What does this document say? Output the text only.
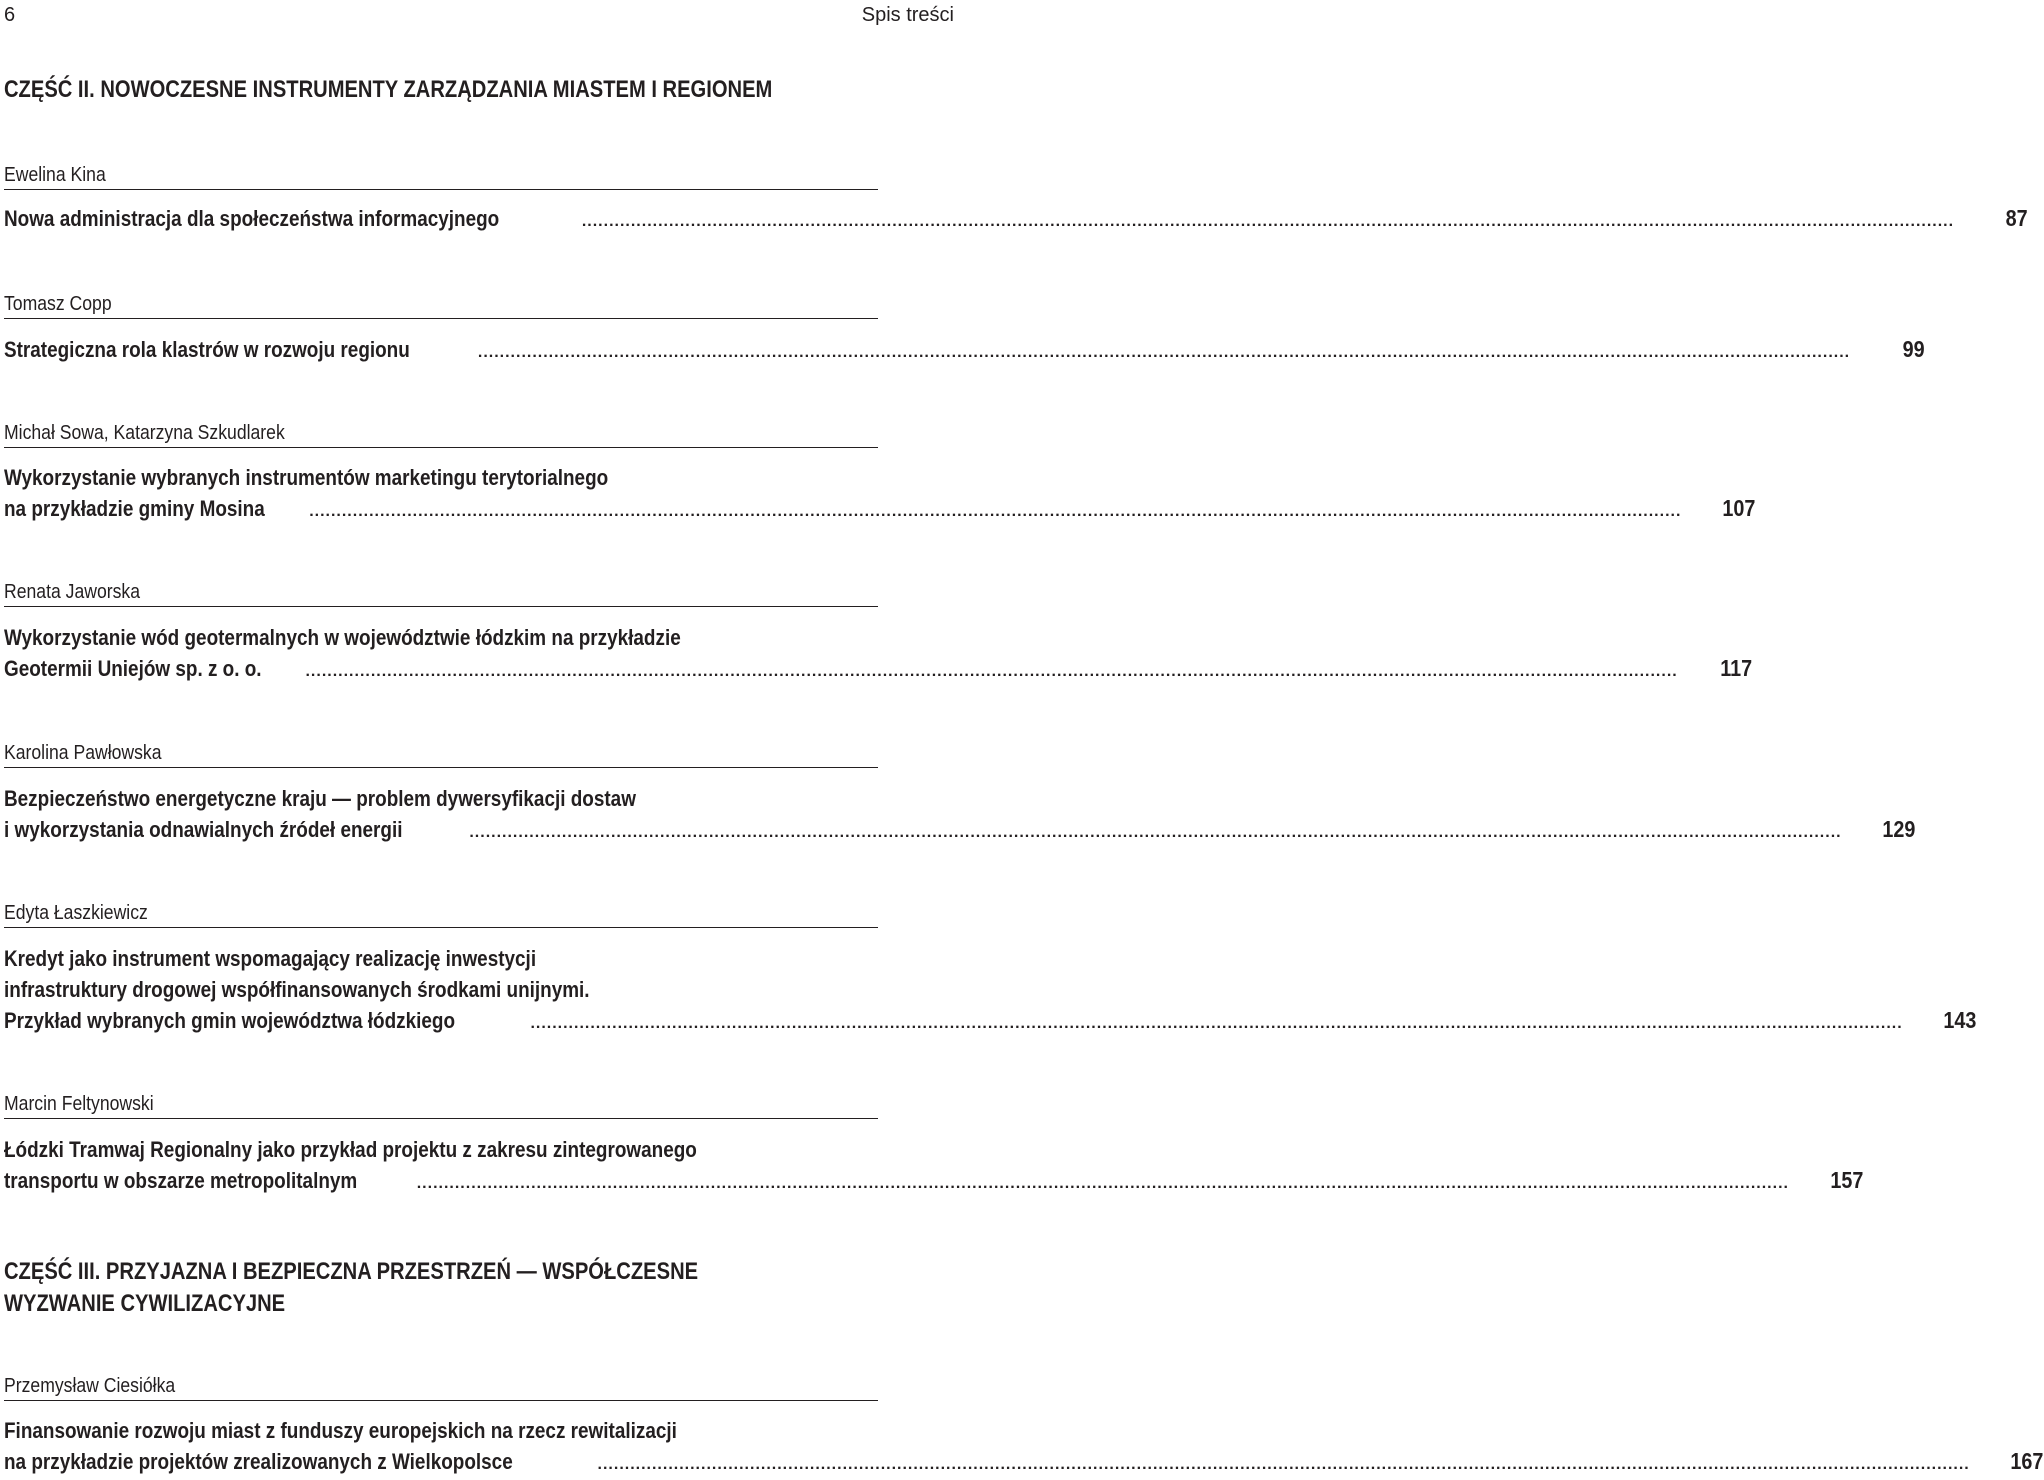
6	Spis treści
CZĘŚĆ II. NOWOCZESNE INSTRUMENTY ZARZĄDZANIA MIASTEM I REGIONEM
Ewelina Kina
Nowa administracja dla społeczeństwa informacyjnego	............................................................................................................................................................................................................................................................	87
Tomasz Copp
Strategiczna rola klastrów w rozwoju regionu	............................................................................................................................................................................................................................................................	99
Michał Sowa, Katarzyna Szkudlarek
Wykorzystanie wybranych instrumentów marketingu terytorialnego
na przykładzie gminy Mosina	............................................................................................................................................................................................................................................................	107
Renata Jaworska
Wykorzystanie wód geotermalnych w województwie łódzkim na przykładzie
Geotermii Uniejów sp. z o. o.	............................................................................................................................................................................................................................................................	117
Karolina Pawłowska
Bezpieczeństwo energetyczne kraju — problem dywersyfikacji dostaw
i wykorzystania odnawialnych źródeł energii	............................................................................................................................................................................................................................................................	129
Edyta Łaszkiewicz
Kredyt jako instrument wspomagający realizację inwestycji
infrastruktury drogowej współfinansowanych środkami unijnymi.
Przykład wybranych gmin województwa łódzkiego	............................................................................................................................................................................................................................................................	143
Marcin Feltynowski
Łódzki Tramwaj Regionalny jako przykład projektu z zakresu zintegrowanego
transportu w obszarze metropolitalnym	............................................................................................................................................................................................................................................................	157
CZĘŚĆ III. PRZYJAZNA I BEZPIECZNA PRZESTRZEŃ — WSPÓŁCZESNE
WYZWANIE CYWILIZACYJNE
Przemysław Ciesiółka
Finansowanie rozwoju miast z funduszy europejskich na rzecz rewitalizacji
na przykładzie projektów zrealizowanych z Wielkopolsce	............................................................................................................................................................................................................................................................	167
